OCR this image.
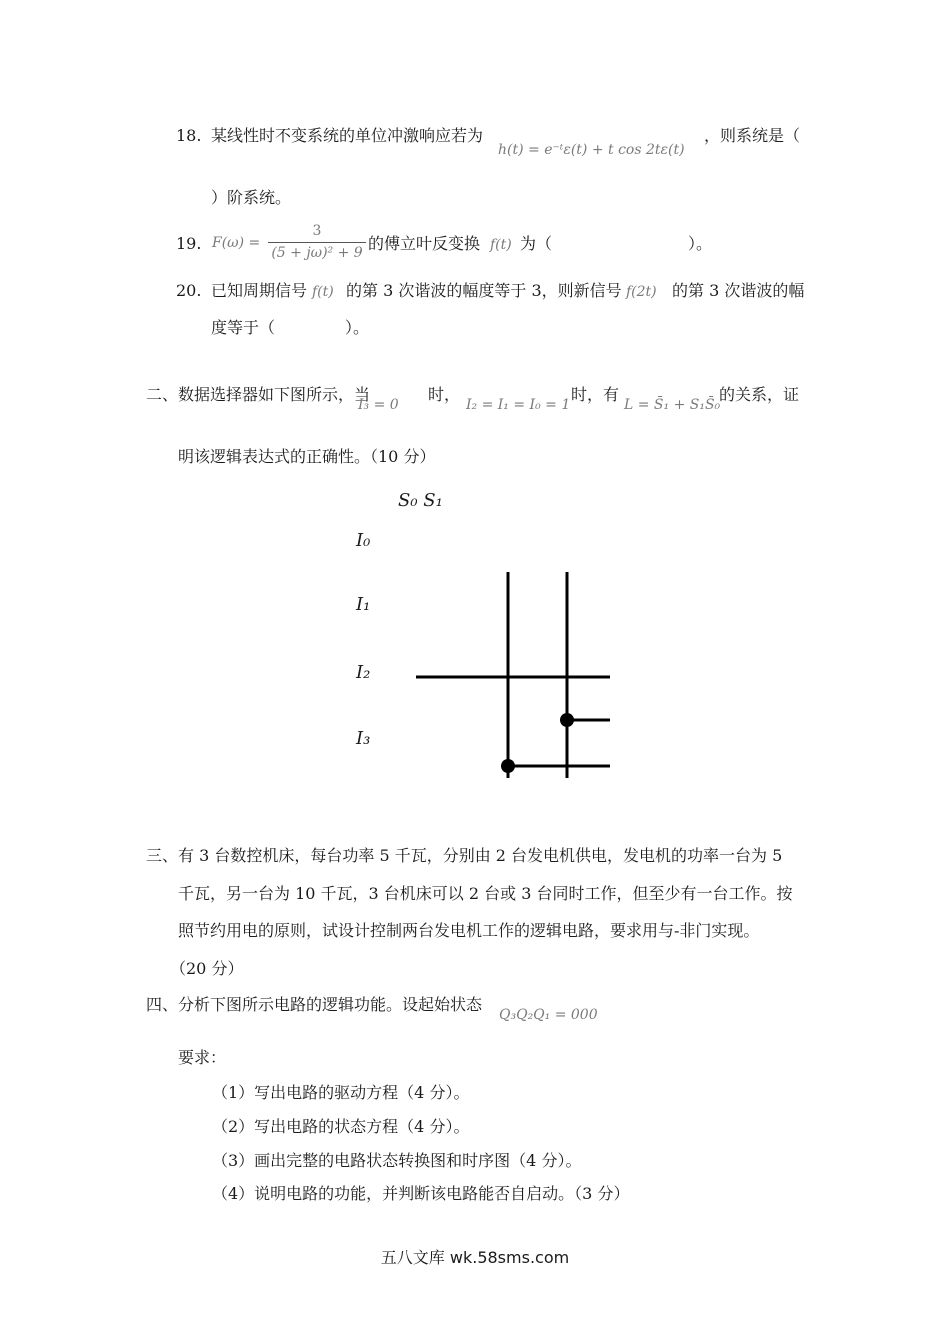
18. 某线性时不变系统的单位冲激响应若为
h(t) = e⁻ᵗε(t) + t cos 2tε(t)
，则系统是（
）阶系统。
19. $F(\omega) = \frac{3}{\text{(5 + jω)² + 9}}$ 的傅立叶反变换 f(t) 为（	）。
20. 已知周期信号 f(t) 的第 3 次谐波的幅度等于 3，则新信号 f(2t) 的第 3 次谐波的幅
度等于（	）。
二、数据选择器如下图所示，当
I₃ = 0
时，
I₂ = I₁ = I₀ = 1
时，有
L = S̄₁ + S₁S̄₀
的关系，证
明该逻辑表达式的正确性。（10 分）
S₀ S₁
I₀
I₁
I₂
I₃
三、有 3 台数控机床，每台功率 5 千瓦，分别由 2 台发电机供电，发电机的功率一台为 5
千瓦，另一台为 10 千瓦，3 台机床可以 2 台或 3 台同时工作，但至少有一台工作。按
照节约用电的原则，试设计控制两台发电机工作的逻辑电路，要求用与-非门实现。
（20 分）
四、分析下图所示电路的逻辑功能。设起始状态
Q₃Q₂Q₁ = 000
要求：
（1）写出电路的驱动方程（4 分）。
（2）写出电路的状态方程（4 分）。
（3）画出完整的电路状态转换图和时序图（4 分）。
（4）说明电路的功能，并判断该电路能否自启动。（3 分）
五八文库 wk.58sms.com
